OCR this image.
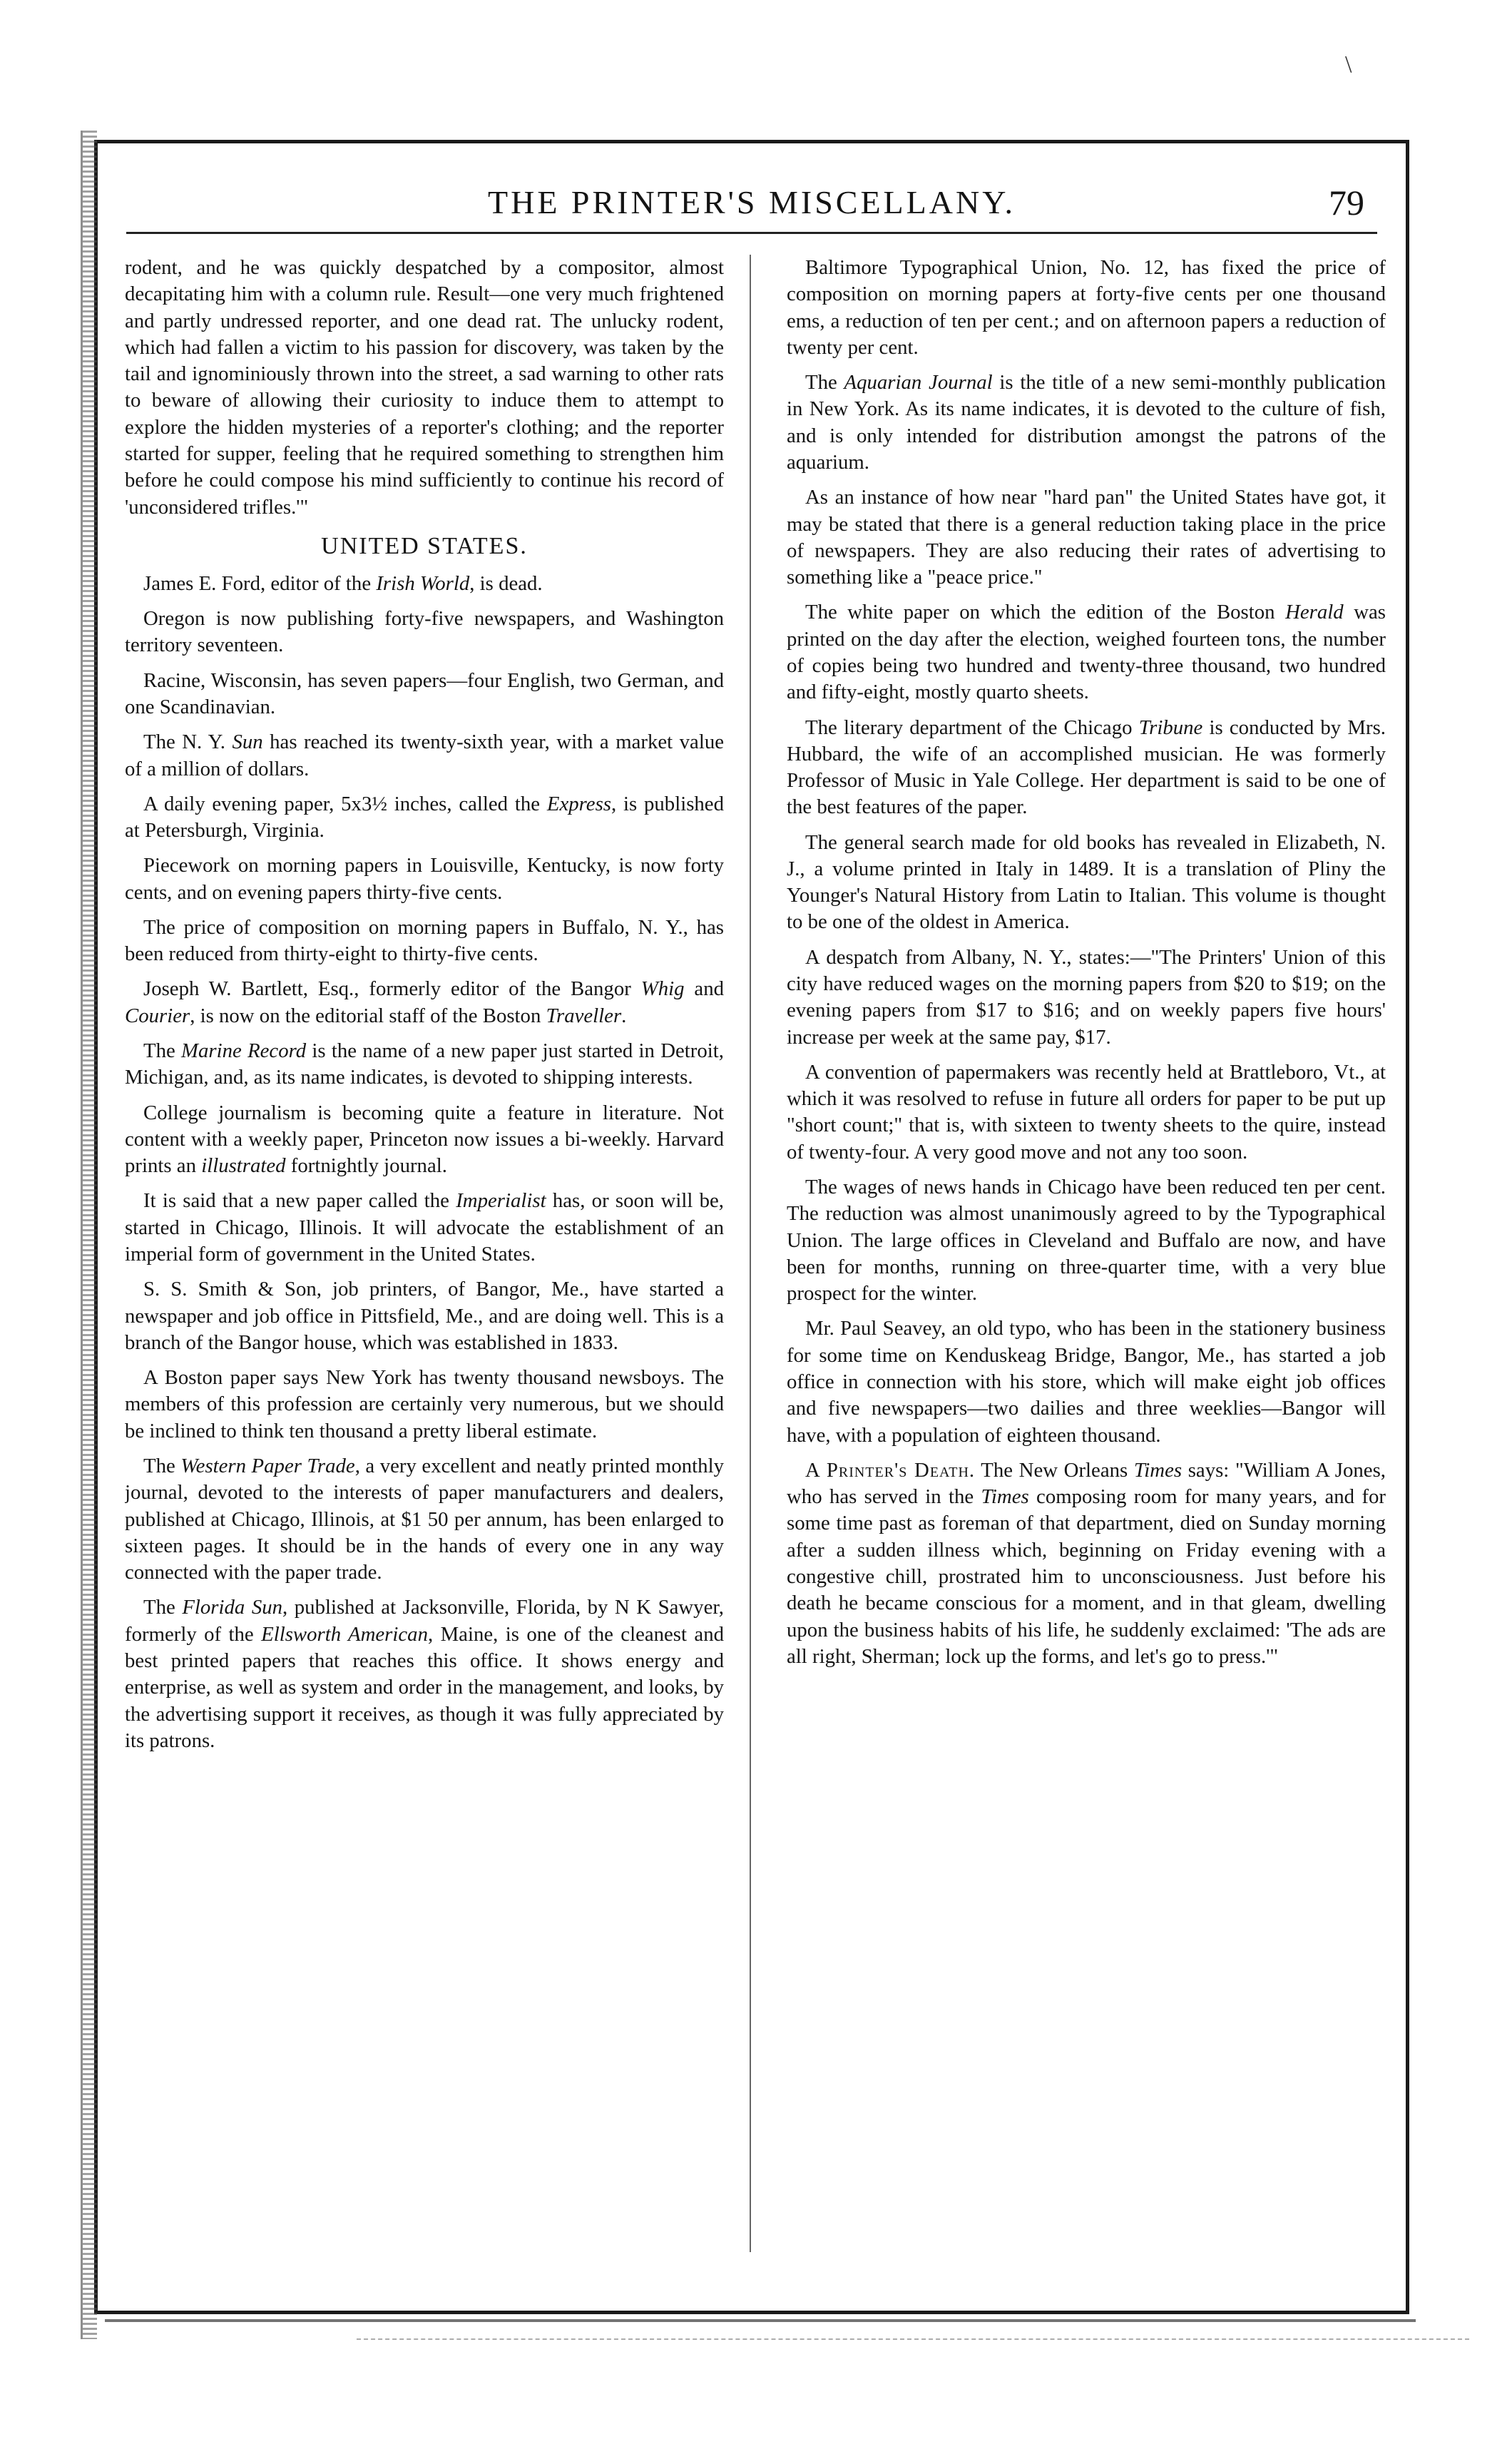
\
THE PRINTER'S MISCELLANY.	79

rodent, and he was quickly despatched by a compositor, almost decapitating him with a column rule. Result—one very much frightened and partly undressed reporter, and one dead rat. The unlucky rodent, which had fallen a victim to his passion for discovery, was taken by the tail and ignominiously thrown into the street, a sad warning to other rats to beware of allowing their curiosity to induce them to attempt to explore the hidden mysteries of a reporter's clothing; and the reporter started for supper, feeling that he required something to strengthen him before he could compose his mind sufficiently to continue his record of 'unconsidered trifles.'"

UNITED STATES.

James E. Ford, editor of the Irish World, is dead.

Oregon is now publishing forty-five newspapers, and Washington territory seventeen.

Racine, Wisconsin, has seven papers—four English, two German, and one Scandinavian.

The N. Y. Sun has reached its twenty-sixth year, with a market value of a million of dollars.

A daily evening paper, 5x3½ inches, called the Express, is published at Petersburgh, Virginia.

Piecework on morning papers in Louisville, Kentucky, is now forty cents, and on evening papers thirty-five cents.

The price of composition on morning papers in Buffalo, N. Y., has been reduced from thirty-eight to thirty-five cents.

Joseph W. Bartlett, Esq., formerly editor of the Bangor Whig and Courier, is now on the editorial staff of the Boston Traveller.

The Marine Record is the name of a new paper just started in Detroit, Michigan, and, as its name indicates, is devoted to shipping interests.

College journalism is becoming quite a feature in literature. Not content with a weekly paper, Princeton now issues a bi-weekly. Harvard prints an illustrated fortnightly journal.

It is said that a new paper called the Imperialist has, or soon will be, started in Chicago, Illinois. It will advocate the establishment of an imperial form of government in the United States.

S. S. Smith & Son, job printers, of Bangor, Me., have started a newspaper and job office in Pittsfield, Me., and are doing well. This is a branch of the Bangor house, which was established in 1833.

A Boston paper says New York has twenty thousand newsboys. The members of this profession are certainly very numerous, but we should be inclined to think ten thousand a pretty liberal estimate.

The Western Paper Trade, a very excellent and neatly printed monthly journal, devoted to the interests of paper manufacturers and dealers, published at Chicago, Illinois, at $1 50 per annum, has been enlarged to sixteen pages. It should be in the hands of every one in any way connected with the paper trade.

The Florida Sun, published at Jacksonville, Florida, by N K Sawyer, formerly of the Ellsworth American, Maine, is one of the cleanest and best printed papers that reaches this office. It shows energy and enterprise, as well as system and order in the management, and looks, by the advertising support it receives, as though it was fully appreciated by its patrons.

Baltimore Typographical Union, No. 12, has fixed the price of composition on morning papers at forty-five cents per one thousand ems, a reduction of ten per cent.; and on afternoon papers a reduction of twenty per cent.

The Aquarian Journal is the title of a new semi-monthly publication in New York. As its name indicates, it is devoted to the culture of fish, and is only intended for distribution amongst the patrons of the aquarium.

As an instance of how near "hard pan" the United States have got, it may be stated that there is a general reduction taking place in the price of newspapers. They are also reducing their rates of advertising to something like a "peace price."

The white paper on which the edition of the Boston Herald was printed on the day after the election, weighed fourteen tons, the number of copies being two hundred and twenty-three thousand, two hundred and fifty-eight, mostly quarto sheets.

The literary department of the Chicago Tribune is conducted by Mrs. Hubbard, the wife of an accomplished musician. He was formerly Professor of Music in Yale College. Her department is said to be one of the best features of the paper.

The general search made for old books has revealed in Elizabeth, N. J., a volume printed in Italy in 1489. It is a translation of Pliny the Younger's Natural History from Latin to Italian. This volume is thought to be one of the oldest in America.

A despatch from Albany, N. Y., states:—"The Printers' Union of this city have reduced wages on the morning papers from $20 to $19; on the evening papers from $17 to $16; and on weekly papers five hours' increase per week at the same pay, $17.

A convention of papermakers was recently held at Brattleboro, Vt., at which it was resolved to refuse in future all orders for paper to be put up "short count;" that is, with sixteen to twenty sheets to the quire, instead of twenty-four. A very good move and not any too soon.

The wages of news hands in Chicago have been reduced ten per cent. The reduction was almost unanimously agreed to by the Typographical Union. The large offices in Cleveland and Buffalo are now, and have been for months, running on three-quarter time, with a very blue prospect for the winter.

Mr. Paul Seavey, an old typo, who has been in the stationery business for some time on Kenduskeag Bridge, Bangor, Me., has started a job office in connection with his store, which will make eight job offices and five newspapers—two dailies and three weeklies—Bangor will have, with a population of eighteen thousand.

A Printer's Death. The New Orleans Times says: "William A Jones, who has served in the Times composing room for many years, and for some time past as foreman of that department, died on Sunday morning after a sudden illness which, beginning on Friday evening with a congestive chill, prostrated him to unconsciousness. Just before his death he became conscious for a moment, and in that gleam, dwelling upon the business habits of his life, he suddenly exclaimed: 'The ads are all right, Sherman; lock up the forms, and let's go to press.'"
